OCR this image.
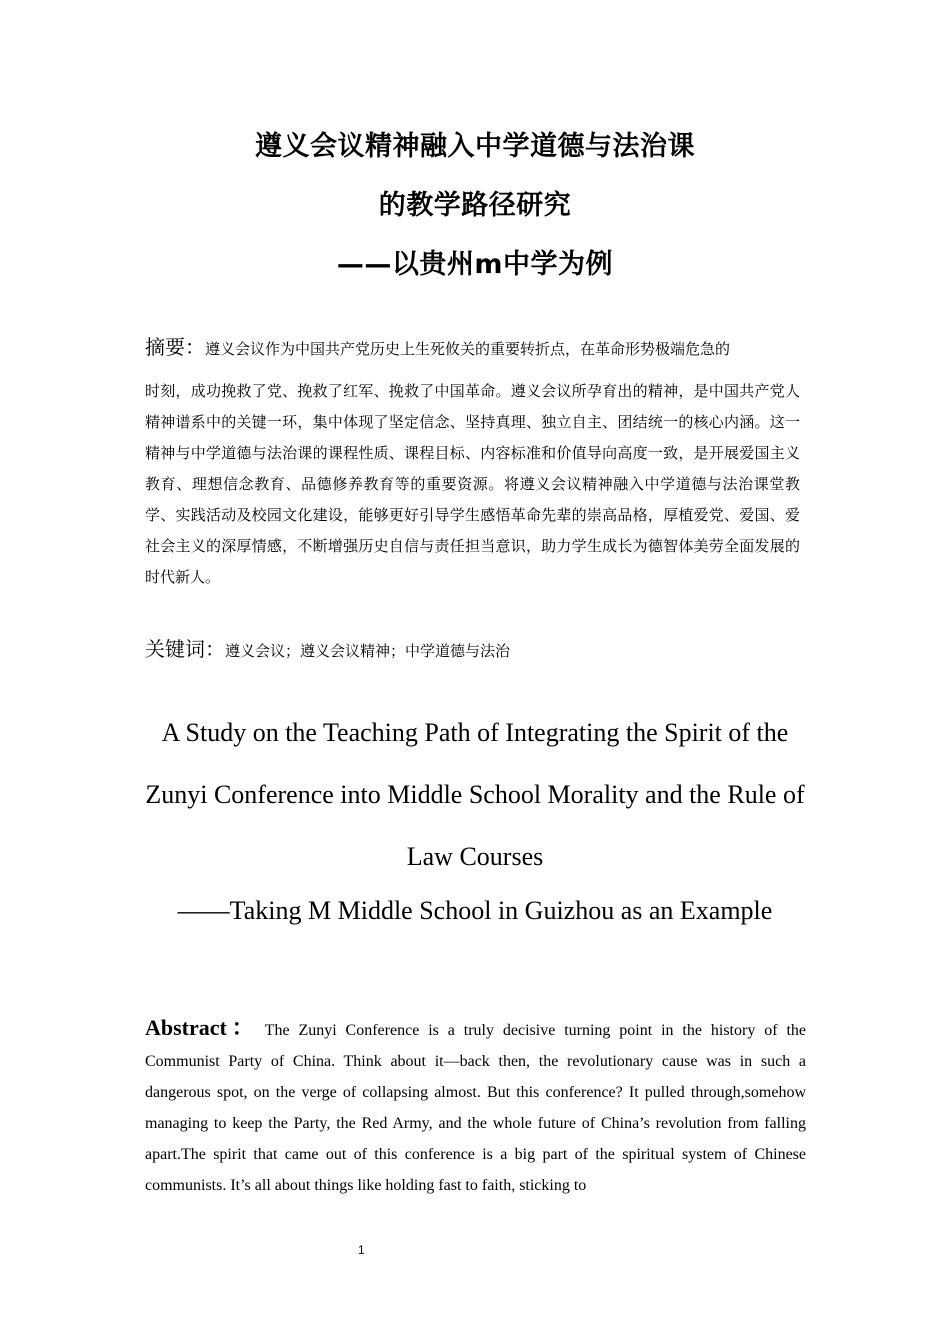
遵义会议精神融入中学道德与法治课
的教学路径研究
——以贵州m中学为例
摘要：遵义会议作为中国共产党历史上生死攸关的重要转折点，在革命形势极端危急的
时刻，成功挽救了党、挽救了红军、挽救了中国革命。遵义会议所孕育出的精神，是中国共产党人精神谱系中的关键一环，集中体现了坚定信念、坚持真理、独立自主、团结统一的核心内涵。这一精神与中学道德与法治课的课程性质、课程目标、内容标准和价值导向高度一致，是开展爱国主义教育、理想信念教育、品德修养教育等的重要资源。将遵义会议精神融入中学道德与法治课堂教学、实践活动及校园文化建设，能够更好引导学生感悟革命先辈的崇高品格，厚植爱党、爱国、爱社会主义的深厚情感，不断增强历史自信与责任担当意识，助力学生成长为德智体美劳全面发展的时代新人。
关键词：遵义会议；遵义会议精神；中学道德与法治
A Study on the Teaching Path of Integrating the Spirit of the Zunyi Conference into Middle School Morality and the Rule of Law Courses
——Taking M Middle School in Guizhou as an Example
Abstract： The Zunyi Conference is a truly decisive turning point in the history of the Communist Party of China. Think about it—back then, the revolutionary cause was in such a dangerous spot, on the verge of collapsing almost. But this conference? It pulled through,somehow managing to keep the Party, the Red Army, and the whole future of China’s revolution from falling apart.The spirit that came out of this conference is a big part of the spiritual system of Chinese communists. It’s all about things like holding fast to faith, sticking to
1
